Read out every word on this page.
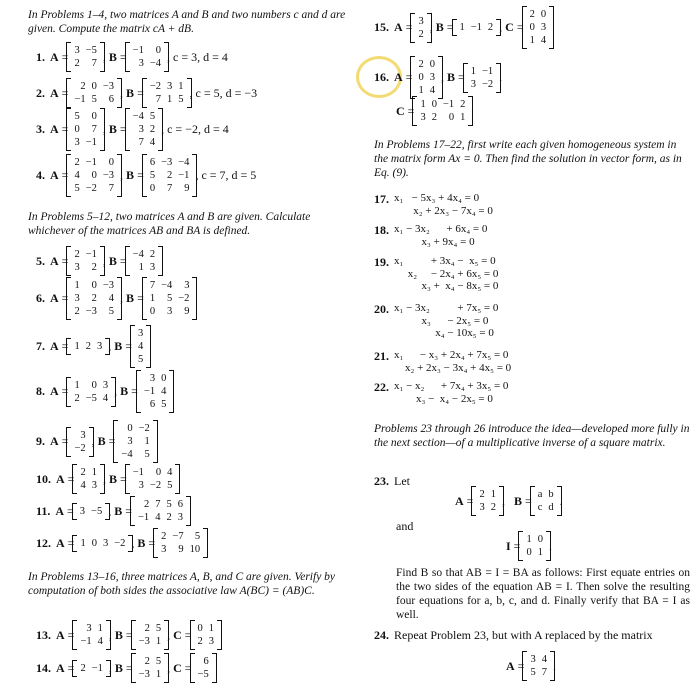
In Problems 1–4, two matrices A and B and two numbers c and d are given. Compute the matrix cA + dB.

1. A = 3	−5
2	7 , B = −1	0
3	−4 , c = 3, d = 4
2. A = 2	0	−3
−1	5	6 , B = −2	3	1
7	1	5 , c = 5, d = −3
3. A =
5	0
0	7
3	−1
, B =
−4	5
3	2
7	4
, c = −2, d = 4
4. A =
2	−1	0
4	0	−3
5	−2	7
, B =
6	−3	−4
5	2	−1
0	7	9
, c = 7, d = 5

In Problems 5–12, two matrices A and B are given. Calculate whichever of the matrices AB and BA is defined.

5. A = 2	−1
3	2 , B = −4	2
1	3
6. A =
1	0	−3
3	2	4
2	−3	5
, B =
7	−4	3
1	5	−2
0	3	9
7. A = 1	2	3 , B =
3
4
5
8. A = 1	0	3
2	−5	4 , B =
3	0
−1	4
6	5
9. A = 3
−2 , B =
0	−2
3	1
−4	5
10. A = 2	1
4	3 , B = −1	0	4
3	−2	5
11. A = 3	−5 , B = 2	7	5	6
−1	4	2	3
12. A = 1	0	3	−2 , B = 2	−7	5
3	9	10

In Problems 13–16, three matrices A, B, and C are given. Verify by computation of both sides the associative law A(BC) = (AB)C.

13. A = 3	1
−1	4 , B = 2	5
−3	1 , C = 0	1
2	3
14. A = 2	−1 , B = 2	5
−3	1 , C = 6
−5
15. A = 3
2 , B = 1	−1	2 , C =
2	0
0	3
1	4
16. A =
2	0
0	3
1	4
, B = 1	−1
3	−2 .
C = 1	0	−1	2
3	2	0	1

In Problems 17–22, first write each given homogeneous system in the matrix form Ax = 0. Then find the solution in vector form, as in Eq. (9).

17. x₁   − 5x₃ + 4x₄ = 0
x₂ + 2x₃ − 7x₄ = 0
18. x₁ − 3x₂      + 6x₄ = 0
x₃ + 9x₄ = 0
19. x₁          + 3x₄ −  x₅ = 0
x₂     − 2x₄ + 6x₅ = 0
x₃ +  x₄ − 8x₅ = 0
20. x₁ − 3x₂          + 7x₅ = 0
x₃      − 2x₅ = 0
x₄ − 10x₅ = 0
21. x₁      − x₃ + 2x₄ + 7x₅ = 0
x₂ + 2x₃ − 3x₄ + 4x₅ = 0
22. x₁ − x₂      + 7x₄ + 3x₅ = 0
x₃ −  x₄ − 2x₅ = 0

Problems 23 through 26 introduce the idea—developed more fully in the next section—of a multiplicative inverse of a square matrix.

23. Let
A = 2	1
3	2 , B = a	b
c	d .
and
I = 1	0
0	1 .

Find B so that AB = I = BA as follows: First equate entries on the two sides of the equation AB = I. Then solve the resulting four equations for a, b, c, and d. Finally verify that BA = I as well.

24. Repeat Problem 23, but with A replaced by the matrix
A = 3	4
5	7 .
